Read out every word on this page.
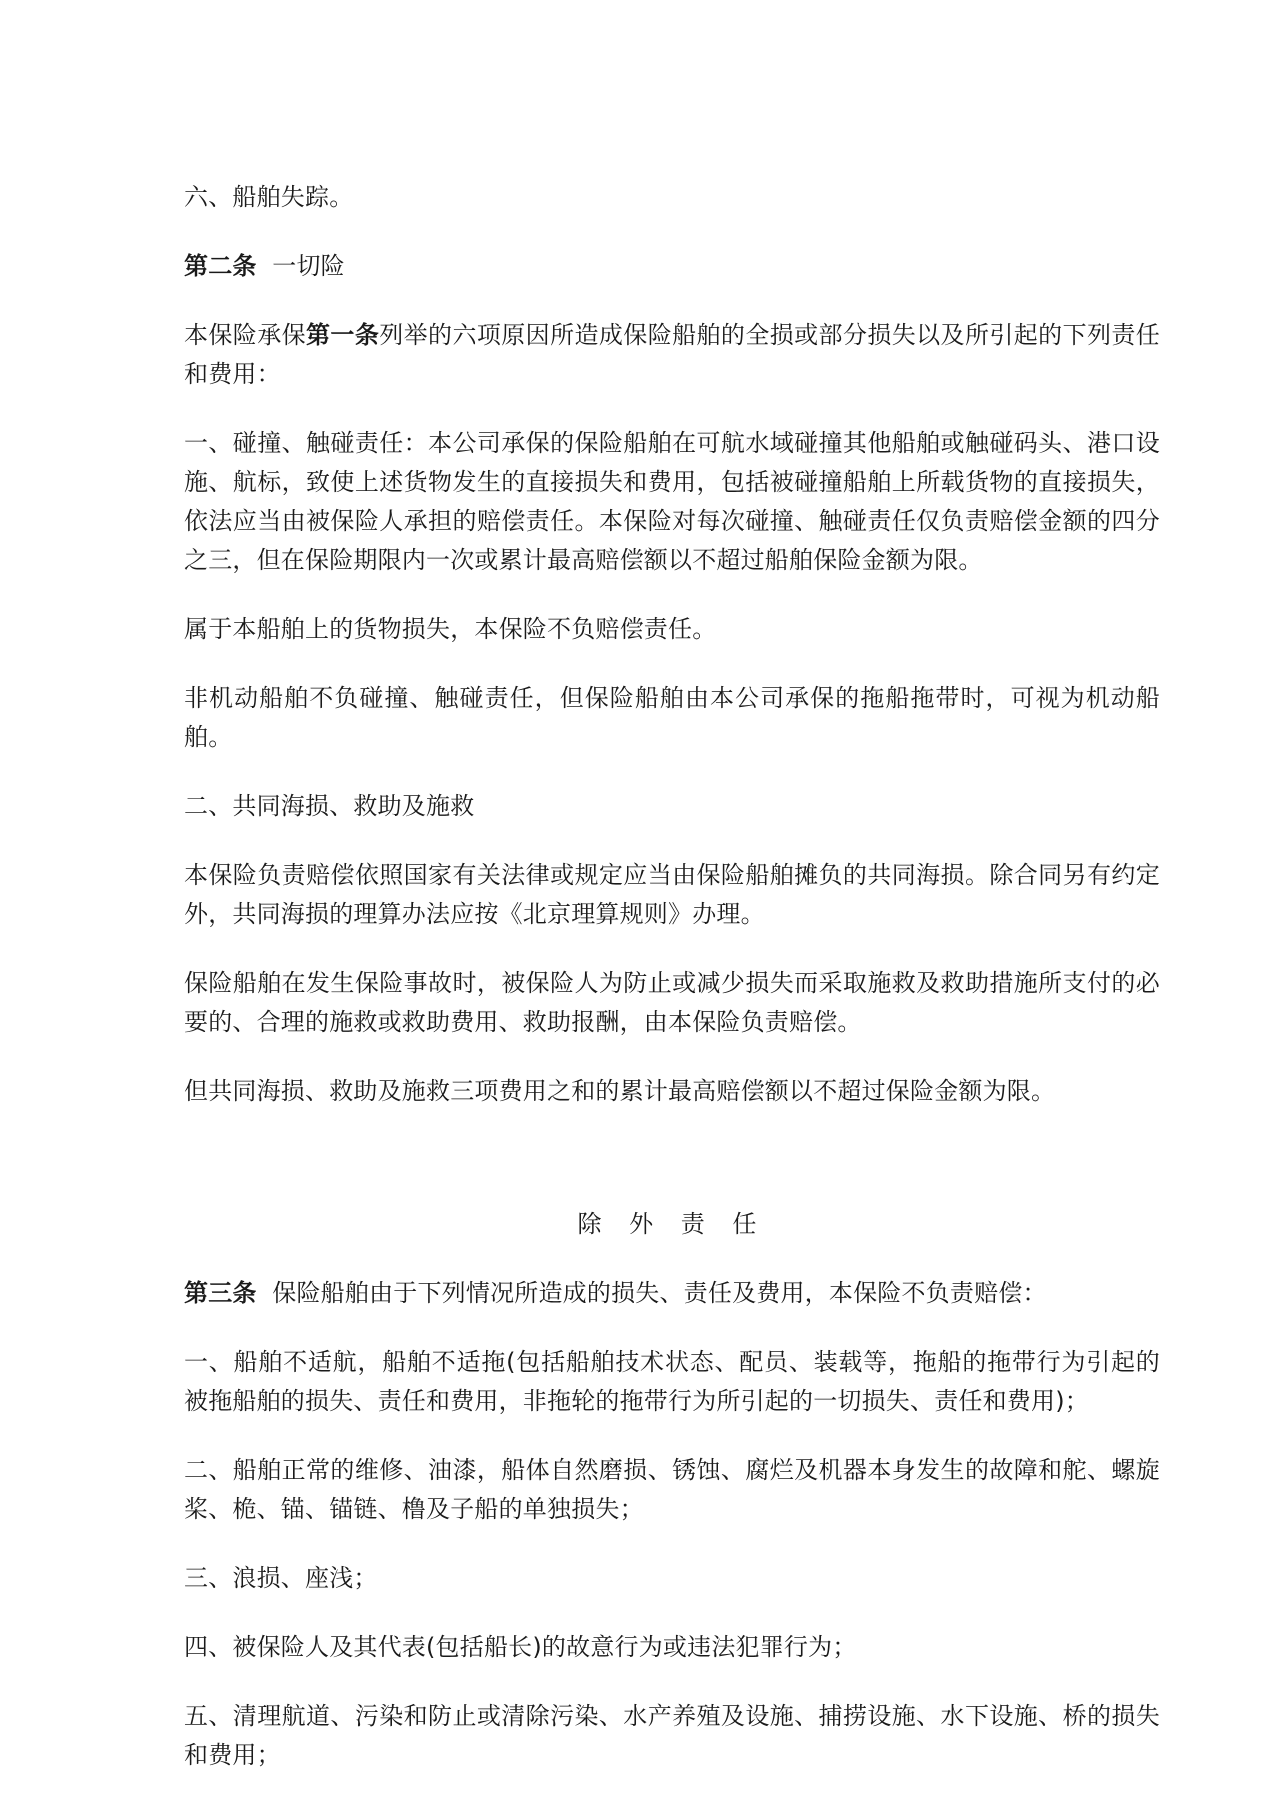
六、船舶失踪。

第二条 一切险

本保险承保第一条列举的六项原因所造成保险船舶的全损或部分损失以及所引起的下列责任和费用：

一、碰撞、触碰责任：本公司承保的保险船舶在可航水域碰撞其他船舶或触碰码头、港口设施、航标，致使上述货物发生的直接损失和费用，包括被碰撞船舶上所载货物的直接损失，依法应当由被保险人承担的赔偿责任。本保险对每次碰撞、触碰责任仅负责赔偿金额的四分之三，但在保险期限内一次或累计最高赔偿额以不超过船舶保险金额为限。

属于本船舶上的货物损失，本保险不负赔偿责任。

非机动船舶不负碰撞、触碰责任，但保险船舶由本公司承保的拖船拖带时，可视为机动船舶。

二、共同海损、救助及施救

本保险负责赔偿依照国家有关法律或规定应当由保险船舶摊负的共同海损。除合同另有约定外，共同海损的理算办法应按《北京理算规则》办理。

保险船舶在发生保险事故时，被保险人为防止或减少损失而采取施救及救助措施所支付的必要的、合理的施救或救助费用、救助报酬，由本保险负责赔偿。

但共同海损、救助及施救三项费用之和的累计最高赔偿额以不超过保险金额为限。

除 外 责 任

第三条 保险船舶由于下列情况所造成的损失、责任及费用，本保险不负责赔偿：

一、船舶不适航，船舶不适拖(包括船舶技术状态、配员、装载等，拖船的拖带行为引起的被拖船舶的损失、责任和费用，非拖轮的拖带行为所引起的一切损失、责任和费用)；

二、船舶正常的维修、油漆，船体自然磨损、锈蚀、腐烂及机器本身发生的故障和舵、螺旋桨、桅、锚、锚链、橹及子船的单独损失；

三、浪损、座浅；

四、被保险人及其代表(包括船长)的故意行为或违法犯罪行为；

五、清理航道、污染和防止或清除污染、水产养殖及设施、捕捞设施、水下设施、桥的损失和费用；
